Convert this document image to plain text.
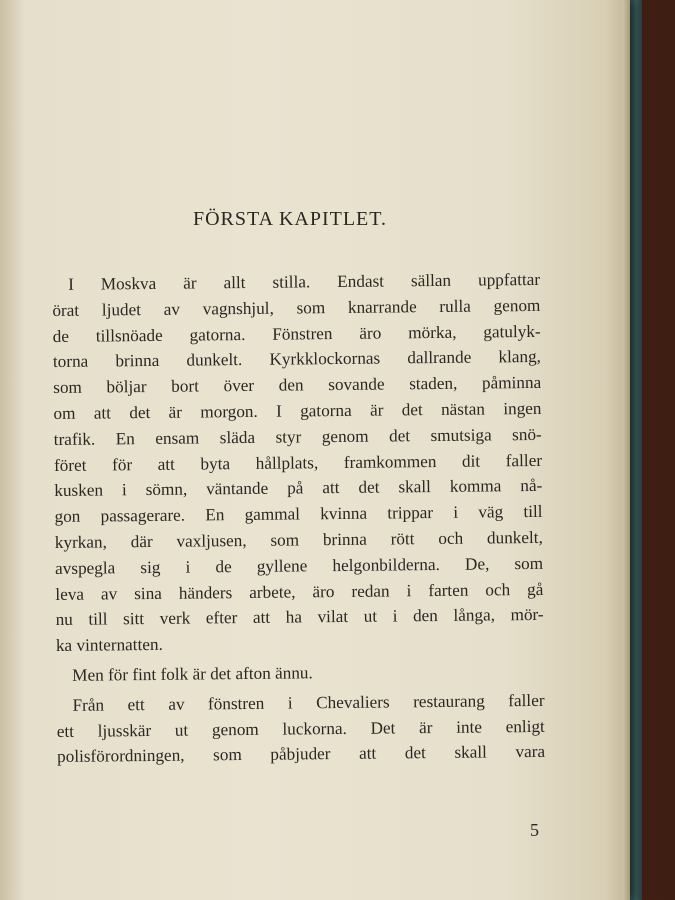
FÖRSTA KAPITLET.
I Moskva är allt stilla. Endast sällan uppfattar
örat ljudet av vagnshjul, som knarrande rulla genom
de tillsnöade gatorna. Fönstren äro mörka, gatulyk-
torna brinna dunkelt. Kyrkklockornas dallrande klang,
som böljar bort över den sovande staden, påminna
om att det är morgon. I gatorna är det nästan ingen
trafik. En ensam släda styr genom det smutsiga snö-
föret för att byta hållplats, framkommen dit faller
kusken i sömn, väntande på att det skall komma nå-
gon passagerare. En gammal kvinna trippar i väg till
kyrkan, där vaxljusen, som brinna rött och dunkelt,
avspegla sig i de gyllene helgonbilderna. De, som
leva av sina händers arbete, äro redan i farten och gå
nu till sitt verk efter att ha vilat ut i den långa, mör-
ka vinternatten.
Men för fint folk är det afton ännu.
Från ett av fönstren i Chevaliers restaurang faller
ett ljusskär ut genom luckorna. Det är inte enligt
polisförordningen, som påbjuder att det skall vara
5
